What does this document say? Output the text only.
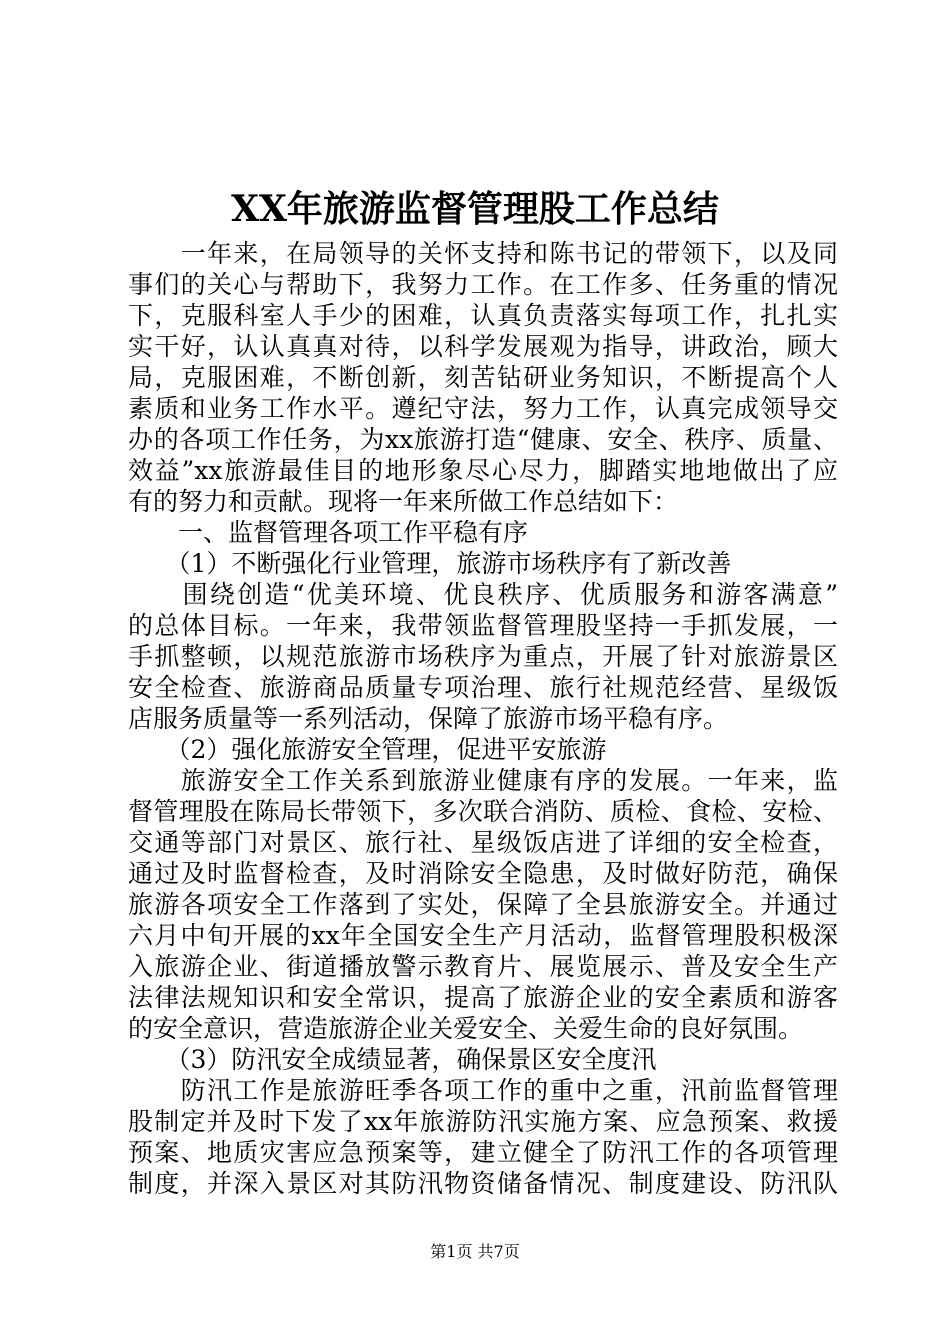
XX年旅游监督管理股工作总结
　　一年来，在局领导的关怀支持和陈书记的带领下，以及同
事们的关心与帮助下，我努力工作。在工作多、任务重的情况
下，克服科室人手少的困难，认真负责落实每项工作，扎扎实
实干好，认认真真对待，以科学发展观为指导，讲政治，顾大
局，克服困难，不断创新，刻苦钻研业务知识，不断提高个人
素质和业务工作水平。遵纪守法，努力工作，认真完成领导交
办的各项工作任务，为xx旅游打造“健康、安全、秩序、质量、
效益”xx旅游最佳目的地形象尽心尽力，脚踏实地地做出了应
有的努力和贡献。现将一年来所做工作总结如下：
　　一、监督管理各项工作平稳有序
　　（1）不断强化行业管理，旅游市场秩序有了新改善
　　围绕创造“优美环境、优良秩序、优质服务和游客满意”
的总体目标。一年来，我带领监督管理股坚持一手抓发展，一
手抓整顿，以规范旅游市场秩序为重点，开展了针对旅游景区
安全检查、旅游商品质量专项治理、旅行社规范经营、星级饭
店服务质量等一系列活动，保障了旅游市场平稳有序。
　　（2）强化旅游安全管理，促进平安旅游
　　旅游安全工作关系到旅游业健康有序的发展。一年来，监
督管理股在陈局长带领下，多次联合消防、质检、食检、安检、
交通等部门对景区、旅行社、星级饭店进了详细的安全检查，
通过及时监督检查，及时消除安全隐患，及时做好防范，确保
旅游各项安全工作落到了实处，保障了全县旅游安全。并通过
六月中旬开展的xx年全国安全生产月活动，监督管理股积极深
入旅游企业、街道播放警示教育片、展览展示、普及安全生产
法律法规知识和安全常识，提高了旅游企业的安全素质和游客
的安全意识，营造旅游企业关爱安全、关爱生命的良好氛围。
　　（3）防汛安全成绩显著，确保景区安全度汛
　　防汛工作是旅游旺季各项工作的重中之重，汛前监督管理
股制定并及时下发了xx年旅游防汛实施方案、应急预案、救援
预案、地质灾害应急预案等，建立健全了防汛工作的各项管理
制度，并深入景区对其防汛物资储备情况、制度建设、防汛队
第1页 共7页
